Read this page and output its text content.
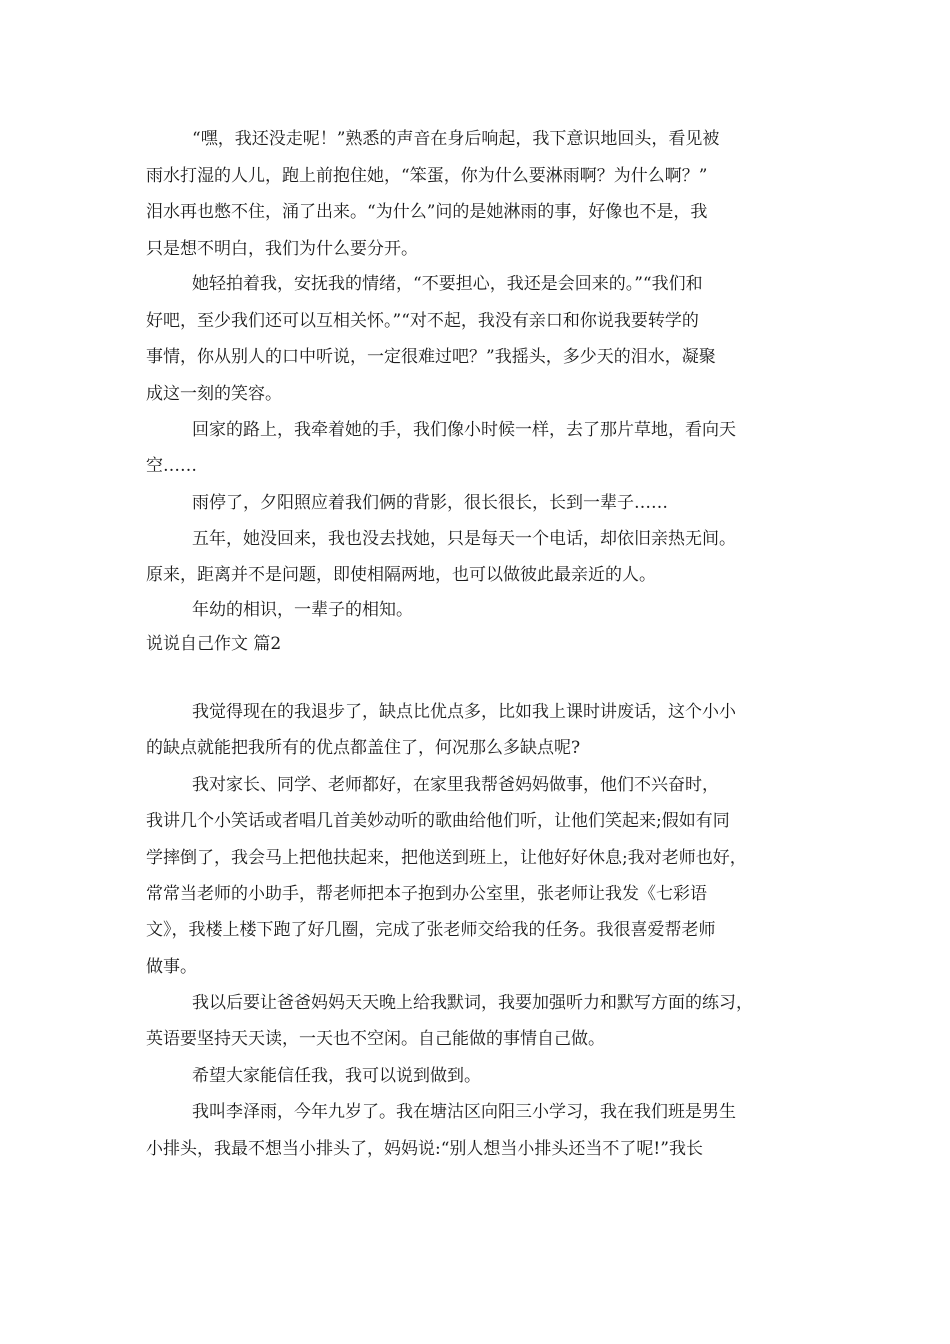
“嘿，我还没走呢！”熟悉的声音在身后响起，我下意识地回头，看见被
雨水打湿的人儿，跑上前抱住她，“笨蛋，你为什么要淋雨啊？为什么啊？”
泪水再也憋不住，涌了出来。“为什么”问的是她淋雨的事，好像也不是，我
只是想不明白，我们为什么要分开。
她轻拍着我，安抚我的情绪，“不要担心，我还是会回来的。”“我们和
好吧，至少我们还可以互相关怀。”“对不起，我没有亲口和你说我要转学的
事情，你从别人的口中听说，一定很难过吧？”我摇头，多少天的泪水，凝聚
成这一刻的笑容。
回家的路上，我牵着她的手，我们像小时候一样，去了那片草地，看向天
空……
雨停了，夕阳照应着我们俩的背影，很长很长，长到一辈子……
五年，她没回来，我也没去找她，只是每天一个电话，却依旧亲热无间。
原来，距离并不是问题，即使相隔两地，也可以做彼此最亲近的人。
年幼的相识，一辈子的相知。
说说自己作文 篇2
我觉得现在的我退步了，缺点比优点多，比如我上课时讲废话，这个小小
的缺点就能把我所有的优点都盖住了，何况那么多缺点呢?
我对家长、同学、老师都好，在家里我帮爸妈妈做事，他们不兴奋时，
我讲几个小笑话或者唱几首美妙动听的歌曲给他们听，让他们笑起来;假如有同
学摔倒了，我会马上把他扶起来，把他送到班上，让他好好休息;我对老师也好，
常常当老师的小助手，帮老师把本子抱到办公室里，张老师让我发《七彩语
文》，我楼上楼下跑了好几圈，完成了张老师交给我的任务。我很喜爱帮老师
做事。
我以后要让爸爸妈妈天天晚上给我默词，我要加强听力和默写方面的练习，
英语要坚持天天读，一天也不空闲。自己能做的事情自己做。
希望大家能信任我，我可以说到做到。
我叫李泽雨，今年九岁了。我在塘沽区向阳三小学习，我在我们班是男生
小排头，我最不想当小排头了，妈妈说:“别人想当小排头还当不了呢!”我长
